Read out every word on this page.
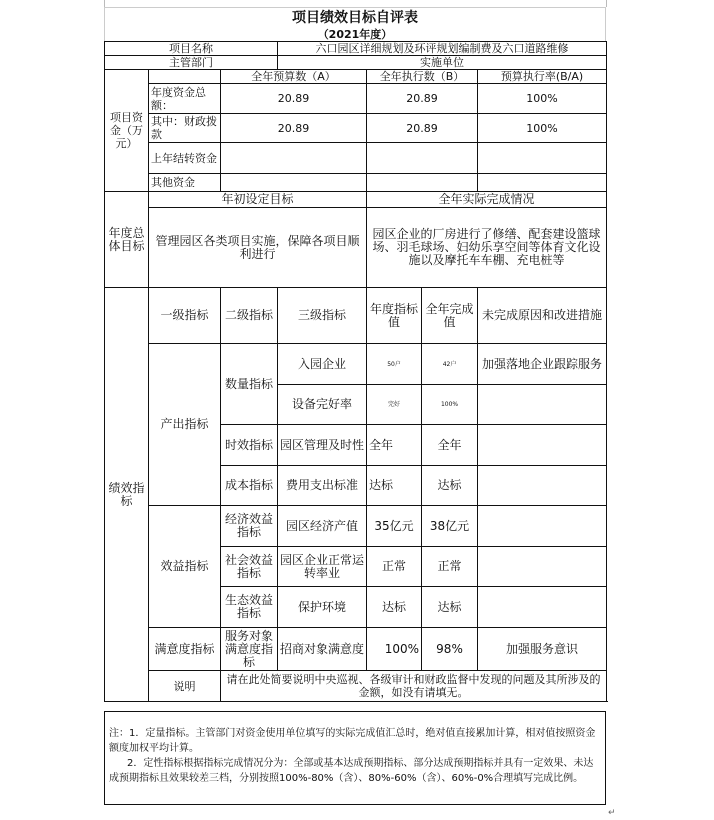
项目绩效目标自评表
（2021年度）
项目名称			六口园区详细规划及环评规划编制费及六口道路维修			
主管部门			实施单位			
项目资金（万元）		全年预算数（A）		全年执行数（B）		预算执行率(B/A)
	年度资金总额：	20.89		20.89		100%
	其中：财政拨款	20.89		20.89		100%
	上年结转资金					
	其他资金					
年度总体目标	年初设定目标			全年实际完成情况		
	管理园区各类项目实施，保障各项目顺利进行			园区企业的厂房进行了修缮、配套建设篮球场、羽毛球场、妇幼乐享空间等体育文化设施以及摩托车车棚、充电桩等		
绩效指标	一级指标	二级指标	三级指标	年度指标值	全年完成值	未完成原因和改进措施
	产出指标	数量指标	入园企业	50户	42户	加强落地企业跟踪服务
			设备完好率	完好	100%	
		时效指标	园区管理及时性	全年	全年	
		成本指标	费用支出标准	达标	达标	
	效益指标	经济效益指标	园区经济产值	35亿元	38亿元	
		社会效益指标	园区企业正常运转率业	正常	正常	
		生态效益指标	保护环境	达标	达标	
	满意度指标	服务对象满意度指标	招商对象满意度	100%	98%	加强服务意识
	说明	请在此处简要说明中央巡视、各级审计和财政监督中发现的问题及其所涉及的金额，如没有请填无。				

注：1．定量指标。主管部门对资金使用单位填写的实际完成值汇总时，绝对值直接累加计算，相对值按照资金额度加权平均计算。

2．定性指标根据指标完成情况分为：全部或基本达成预期指标、部分达成预期指标并具有一定效果、未达成预期指标且效果较差三档，分别按照100%-80%（含）、80%-60%（含）、60%-0%合理填写完成比例。

↵
